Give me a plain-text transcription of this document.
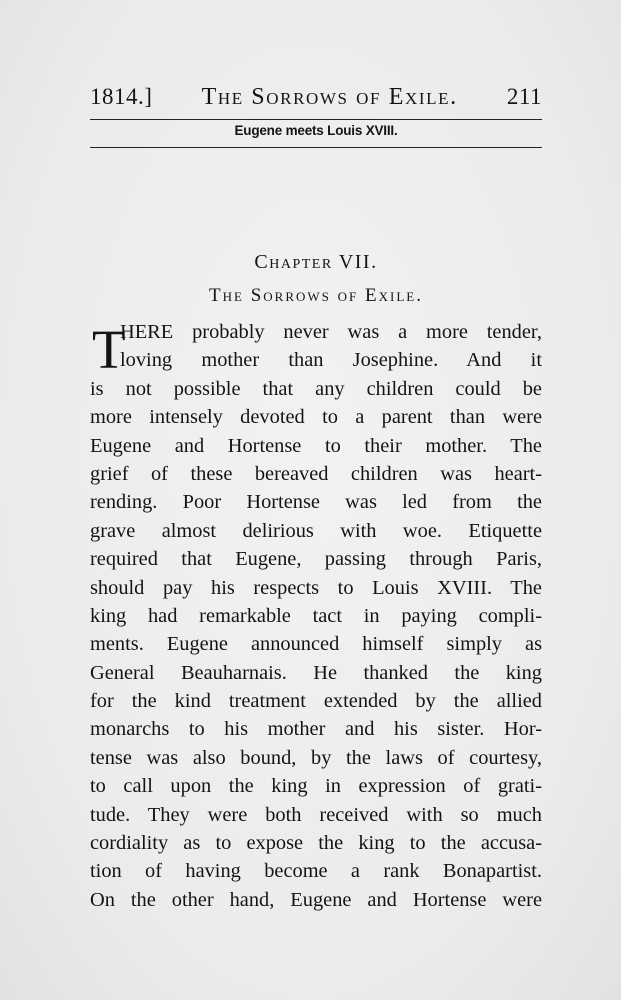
1814.] The Sorrows of Exile. 211
Eugene meets Louis XVIII.
Chapter VII.
The Sorrows of Exile.
T
HERE probably never was a more tender,
loving mother than Josephine. And it
is not possible that any children could be
more intensely devoted to a parent than were
Eugene and Hortense to their mother. The
grief of these bereaved children was heart-
rending. Poor Hortense was led from the
grave almost delirious with woe. Etiquette
required that Eugene, passing through Paris,
should pay his respects to Louis XVIII. The
king had remarkable tact in paying compli-
ments. Eugene announced himself simply as
General Beauharnais. He thanked the king
for the kind treatment extended by the allied
monarchs to his mother and his sister. Hor-
tense was also bound, by the laws of courtesy,
to call upon the king in expression of grati-
tude. They were both received with so much
cordiality as to expose the king to the accusa-
tion of having become a rank Bonapartist.
On the other hand, Eugene and Hortense were
